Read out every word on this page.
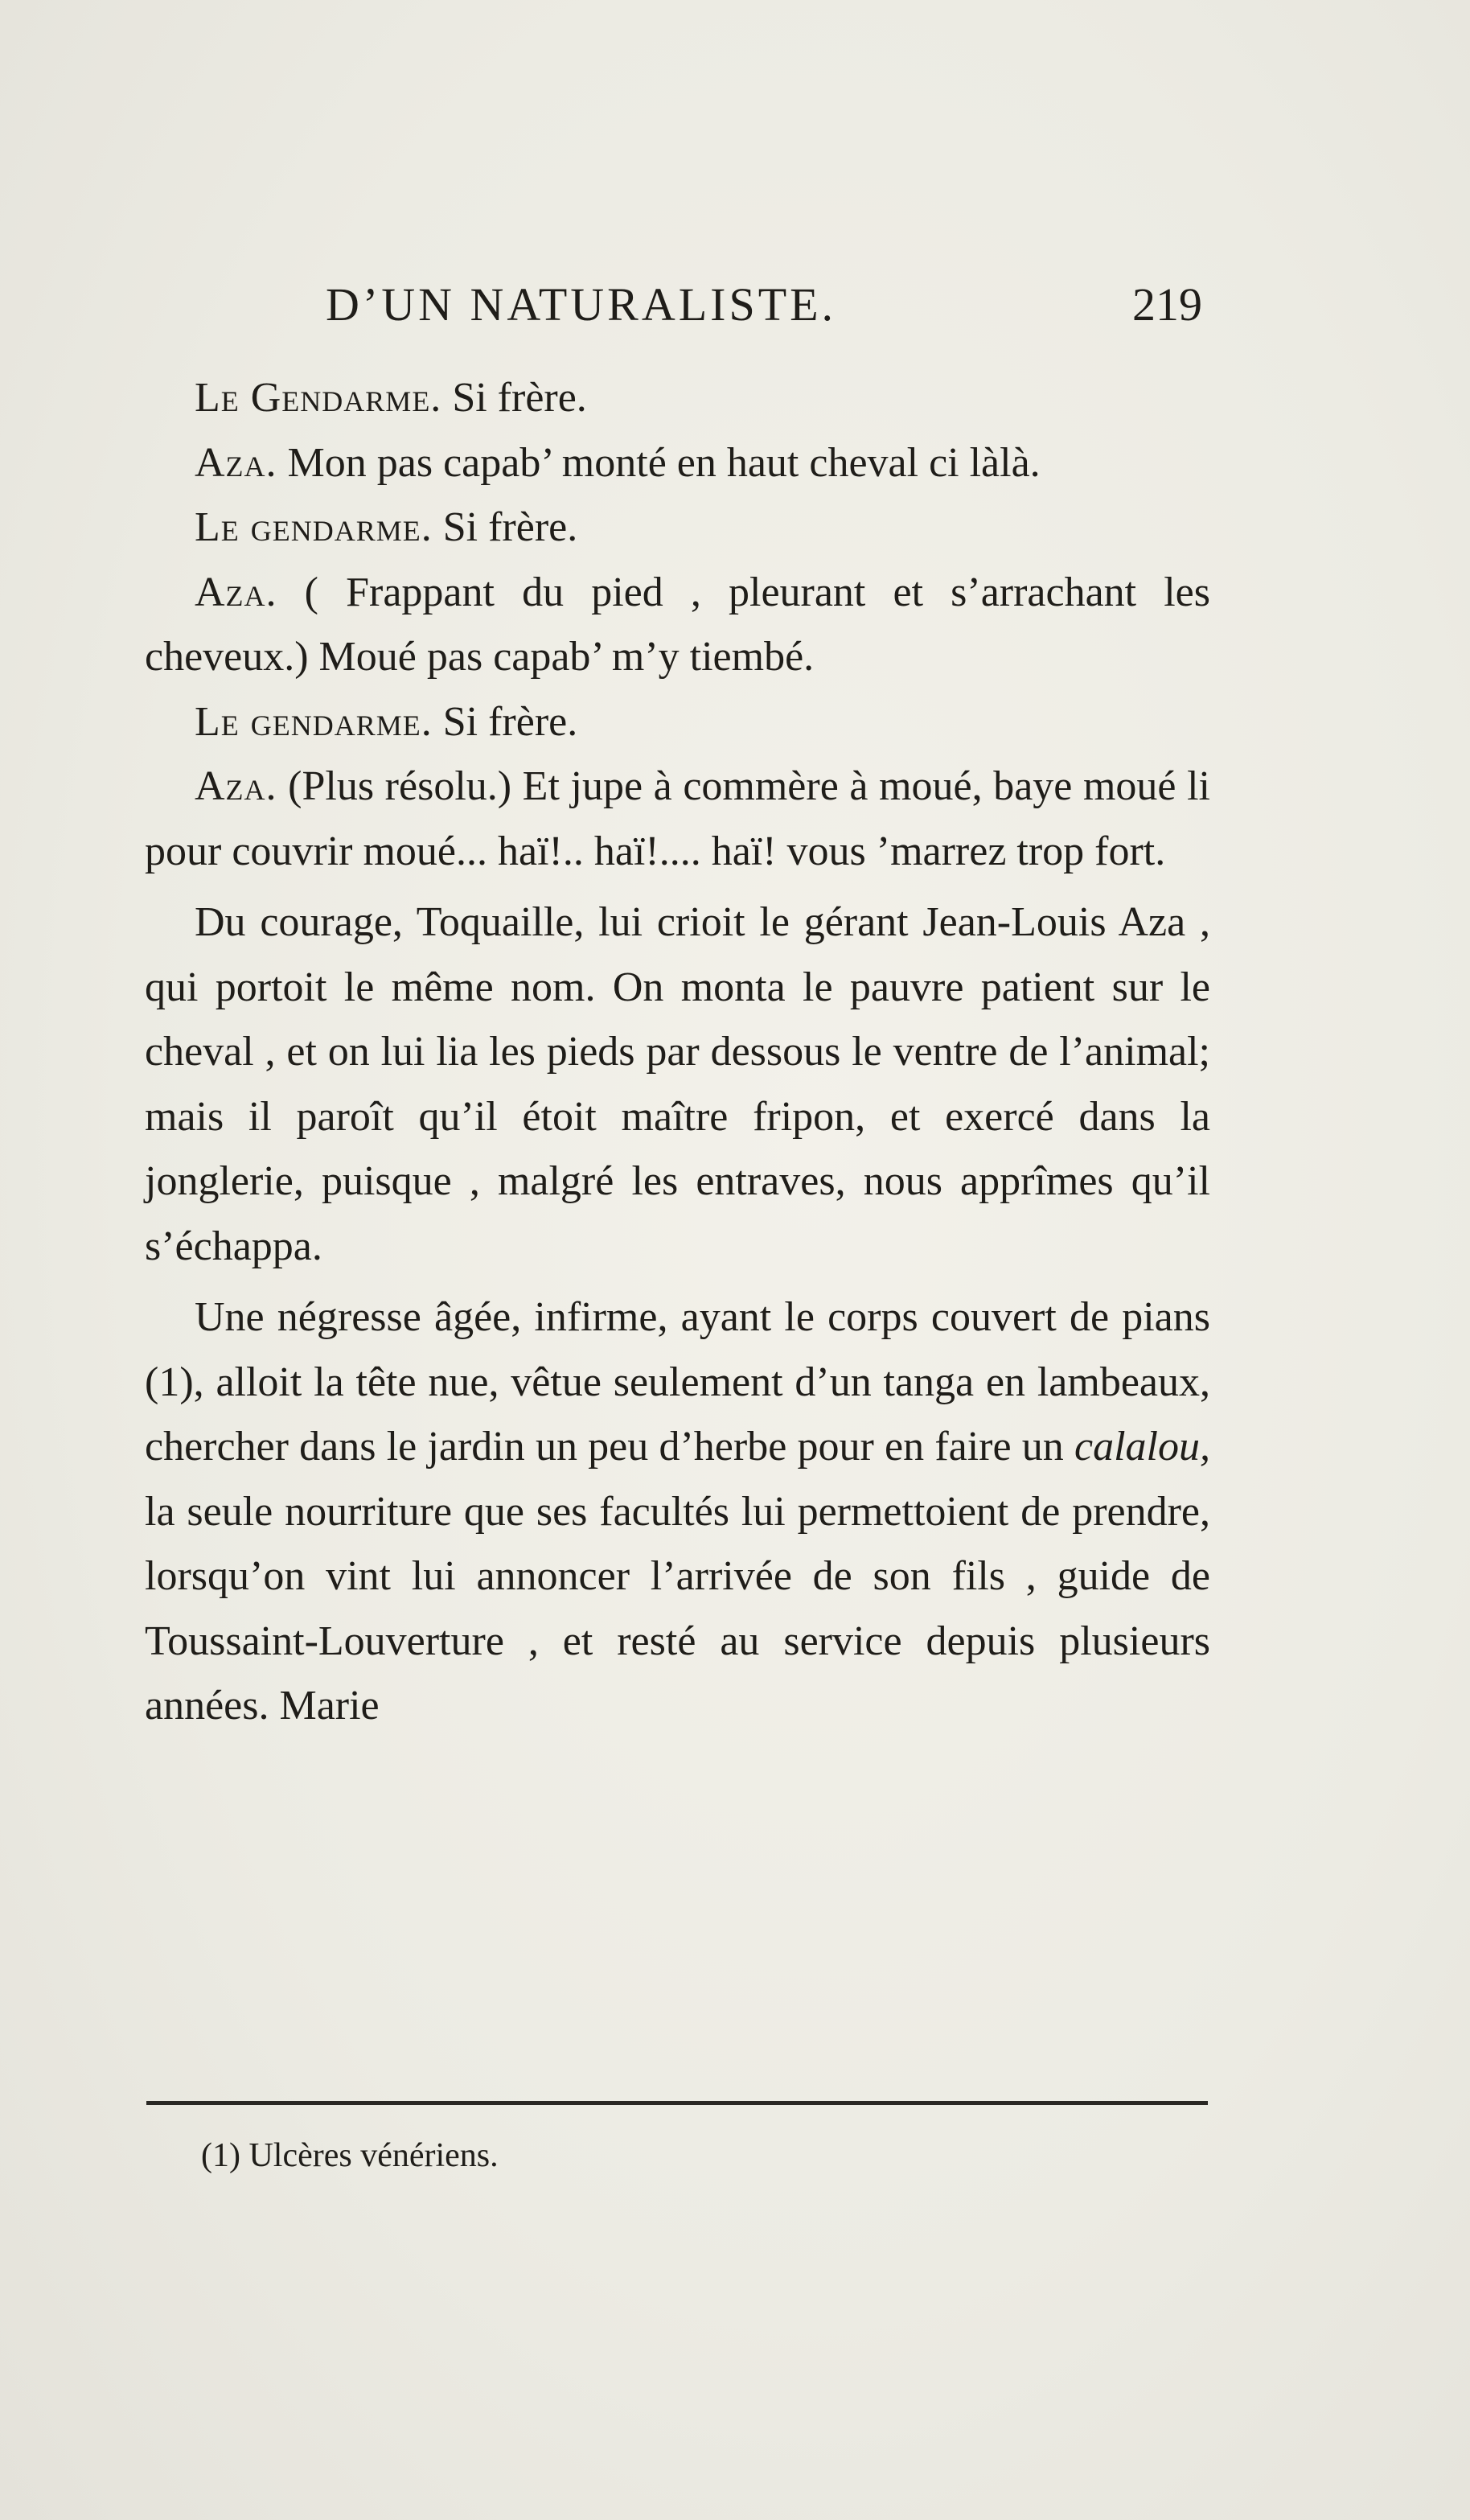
D’UN NATURALISTE.	219

Le Gendarme. Si frère.

Aza. Mon pas capab’ monté en haut cheval ci làlà.

Le gendarme. Si frère.

Aza. ( Frappant du pied , pleurant et s’arrachant les cheveux.) Moué pas capab’ m’y tiembé.

Le gendarme. Si frère.

Aza. (Plus résolu.) Et jupe à commère à moué, baye moué li pour couvrir moué... haï!.. haï!.... haï! vous ’marrez trop fort.

Du courage, Toquaille, lui crioit le gérant Jean-Louis Aza , qui portoit le même nom. On monta le pauvre patient sur le cheval , et on lui lia les pieds par dessous le ventre de l’animal; mais il paroît qu’il étoit maître fripon, et exercé dans la jonglerie, puisque , malgré les entraves, nous apprîmes qu’il s’échappa.

Une négresse âgée, infirme, ayant le corps couvert de pians (1), alloit la tête nue, vêtue seulement d’un tanga en lambeaux, chercher dans le jardin un peu d’herbe pour en faire un calalou, la seule nourriture que ses facultés lui permettoient de prendre, lorsqu’on vint lui annoncer l’arrivée de son fils , guide de Toussaint-Louverture , et resté au service depuis plusieurs années. Marie

(1) Ulcères vénériens.
